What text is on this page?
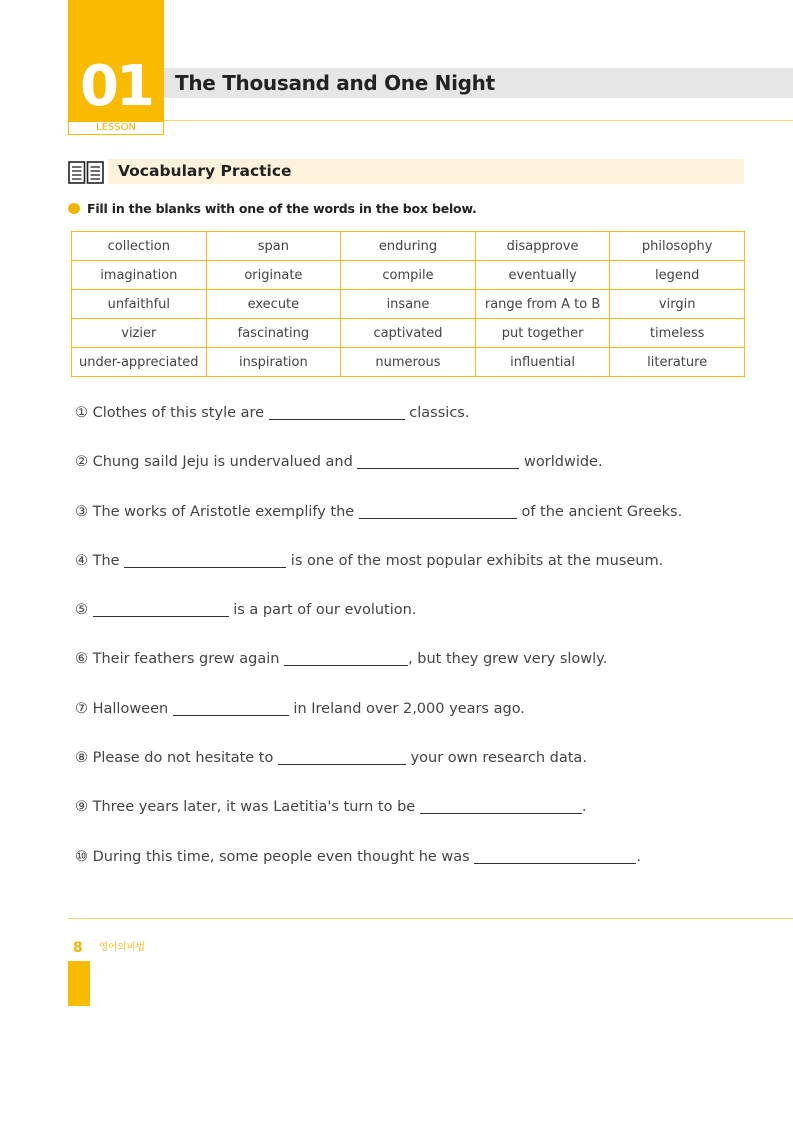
01
LESSON
The Thousand and One Night
Vocabulary Practice
Fill in the blanks with one of the words in the box below.
collection	span	enduring	disapprove	philosophy
imagination	originate	compile	eventually	legend
unfaithful	execute	insane	range from A to B	virgin
vizier	fascinating	captivated	put together	timeless
under-appreciated	inspiration	numerous	influential	literature
① Clothes of this style are	classics.
② Chung saild Jeju is undervalued and	worldwide.
③ The works of Aristotle exemplify the	of the ancient Greeks.
④ The	is one of the most popular exhibits at the museum.
⑤	is a part of our evolution.
⑥ Their feathers grew again	, but they grew very slowly.
⑦ Halloween	in Ireland over 2,000 years ago.
⑧ Please do not hesitate to	your own research data.
⑨ Three years later, it was Laetitia's turn to be	.
⑩ During this time, some people even thought he was	.
8 영어의비법
